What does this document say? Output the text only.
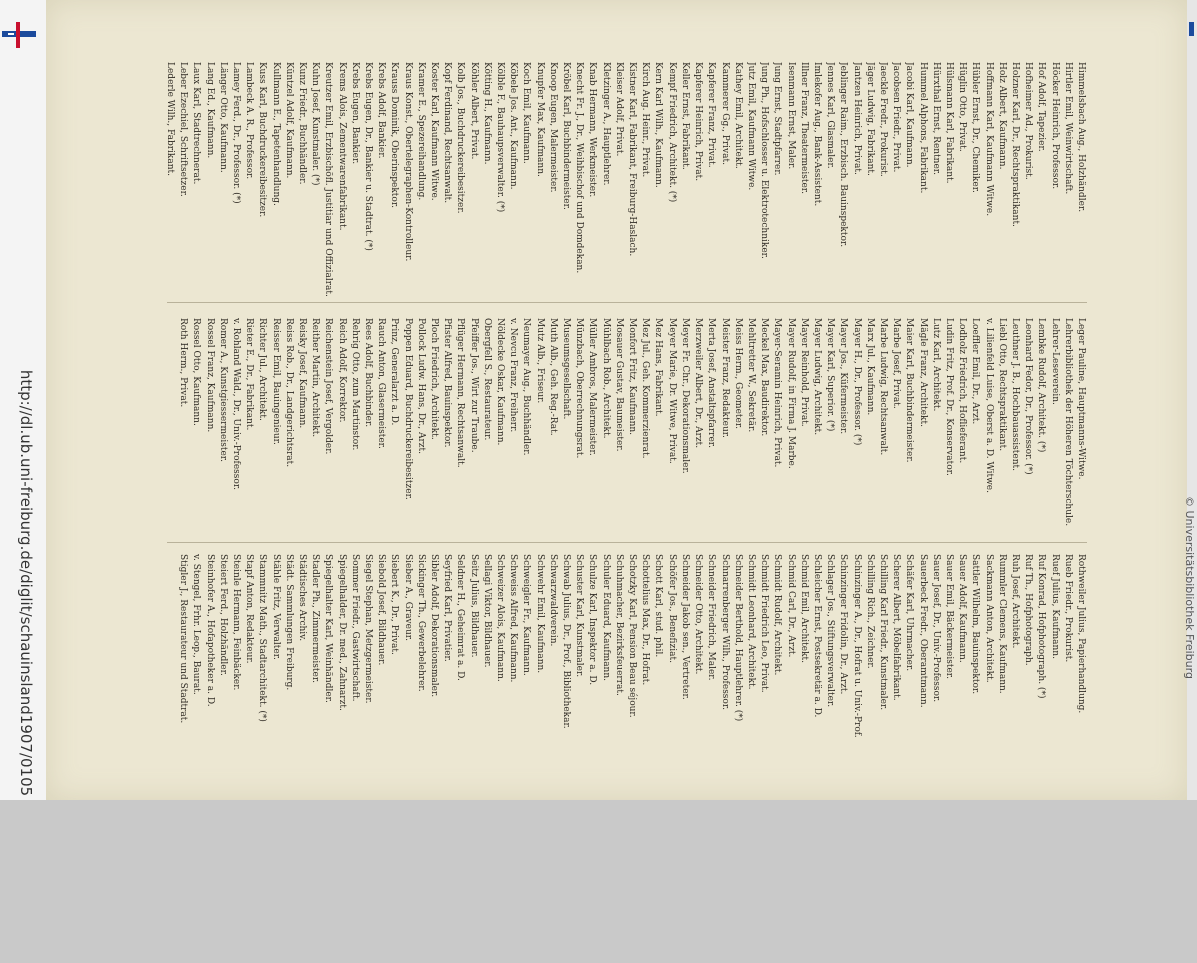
http://dl.ub.uni-freiburg.de/diglit/schauinsland1907/0105	© Universitätsbibliothek Freiburg
Himmelsbach Aug., Holzhändler.
Hirtler Emil, Weinwirtschaft.
Höcker Heinrich, Professor.
Hof Adolf, Tapezier.
Hofheimer Ad., Prokurist.
Holzner Karl, Dr., Rechtspraktikant.
Holz Albert, Kaufmann.
Hoffmann Karl, Kaufmann Witwe.
Hübler Ernst, Dr., Chemiker.
Hüglin Otto, Privat.
Hülsmann Karl, Fabrikant.
Hürxthal Ernst, Rentner.
Hummel Alphons, Fabrikant.
Jacobi Karl, Kaufmann.
Jacobsen Friedr., Privat.
Jaeckle Fredr., Prokurist.
Jäger Ludwig, Fabrikant.
Jantzen Heinrich, Privat.
Jeblinger Raim., Erzbisch. Bauinspektor.
Jennes Karl, Glasmaler.
Imlekofer Aug., Bank-Assistent.
Illner Franz, Theatermeister.
Isenmann Ernst, Maler.
Jung Ernst, Stadtpfarrer.
Jung Ph., Hofschlosser u. Elektrotechniker.
Jutz Emil, Kaufmann Witwe.
Kathey Emil, Architekt.
Kammerer Gg., Privat.
Kapferer Franz, Privat.
Kapferer Heinrich, Privat.
Keller Ernst, Fabrikant.
Kempf Friedrich, Architekt. (*)
Kern Karl Wilh., Kaufmann.
Kirch Aug. Heinr., Privat.
Kistner Karl, Fabrikant, Freiburg-Haslach.
Kleiser Adolf, Privat.
Kletzinger A., Hauptlehrer.
Knab Hermann, Werkmeister.
Knecht Fr. J., Dr., Weihbischof und Domdekan.
Kröbel Karl, Buchbindermeister.
Knoop Eugen, Malermeister.
Knupfer Max, Kaufmann.
Koch Emil, Kaufmann.
Köbele Jos. Ant., Kaufmann.
Kölble F., Bauhaupsverwalter. (*)
Kötting H., Kaufmann.
Köhler Albert, Privat.
Kolb Jos., Buchdruckereibesitzer.
Kopf Ferdinand, Rechtsanwalt.
Koster Karl, Kaufmann Witwe.
Kramer E., Spezereihandlung.
Kraus Konst., Obertelegraphen-Kontrolleur.
Krauss Dominik, Oberinspektor.
Krebs Adolf, Bankier.
Krebs Eugen, Dr., Bankier u. Stadtrat. (*)
Krebs Eugen, Bankier.
Krems Alois, Zementwarenfabrikant.
Kreutzer Emil, Erzbischöfl. Justitiar und Offizialrat.
Kuhn Josef, Kunstmaler. (*)
Kunz Friedr., Buchhändler.
Küntzel Adolf, Kaufmann.
Kullmann E., Tapetenhandlung.
Kuss Karl, Buchdruckereibesitzer.
Lambeck A. R., Professor.
Lamey Ferd., Dr., Professor. (*)
Länger Otto, Kaufmann.
Lang Ed., Kaufmann.
Laux Karl, Stadtrechnerat.
Leber Ezechiel, Schriftsetzer.
Lederle Wilh., Fabrikant.
Leger Pauline, Hauptmanns-Witwe.
Lehrerbibliothek der Höheren Töchterschule.
Lehrer-Leseverein.
Lembke Rudolf, Architekt. (*)
Leonhard Fedor, Dr., Professor. (*)
Leuthner J. B., Hochbauassistent.
Liebl Otto, Rechtspraktikant.
v. Lilienfeld Luise, Oberst a. D. Witwe.
Loeffler Emil, Dr., Arzt.
Lodholz Friedrich, Hoflieferant.
Ludin Fritz, Prof. Dr., Konservator.
Lutz Karl, Architekt.
Mägle Franz, Architekt.
Maier Karl, Buchbindermeister.
Marbe Josef, Privat.
Marbe Ludwig, Rechtsanwalt.
Marx Jul., Kaufmann.
Mayer H., Dr., Professor. (*)
Mayer Jos., Küfermeister.
Mayer Karl, Superior. (*)
Mayer Ludwig, Architekt.
Mayer Reinhold, Privat.
Mayer Rudolf, in Firma J. Marbe.
Mayer-Seramin Heinrich, Privat.
Meckel Max, Baudirektor.
Mehltretter W., Sekretär.
Meiss Herm., Geometer.
Meister Franz, Redakteur.
Merta Josef, Anstaltspfarrer.
Merzweiler Albert, Dr., Arzt.
Meyer Fr. Chr., Dekorationsmaler.
Meyer Marie, Dr. Witwe, Privat.
Mez Hans, Fabrikant.
Mez Jul., Geh. Kommerzienrat.
Monfort Fritz, Kaufmann.
Mosauer Gustav, Baumeister.
Mühlbach Rob., Architekt.
Müller Ambros, Malermeister.
Münzbach, Oberrechnungsrat.
Museumsgesellschaft.
Muth Alb., Geh. Reg.-Rat.
Mutz Alb., Friseur.
Neumayer Aug., Buchhändler.
v. Nevcu Franz, Freiherr.
Nöldecke Oskar, Kaufmann.
Obergfell S., Restaurateur.
Pfeiffer Jos., Wirt zur Traube.
Pflüger Hermann, Rechtsanwalt.
Pfister Alfred, Bauinspektor.
Ploch Friedrich, Architekt.
Pollock Ludw. Hans, Dr., Arzt.
Poppen Eduard, Buchdruckereibesitzer.
Prinz, Generalarzt a. D.
Rauch Anton, Glasermeister.
Rees Adolf, Buchbinder.
Rehrig Otto, zum Martinstor.
Reich Adolf, Korrektor.
Reichenstein Josef, Vergolder.
Reither Martin, Architekt.
Reisky Josef, Kaufmann.
Reiss Rob., Dr., Landgerichtsrat.
Reisser Emil, Bauingenieur.
Richter Jul., Architekt.
Rieter E., Dr., Fabrikant.
v. Rohland Wald., Dr., Univ.-Professor.
Romer A., Kunstgiessermeister.
Rossel Franz, Kaufmann.
Rossel Otto, Kaufmann.
Roth Herm., Privat.
Rothweiler Julius, Papierhandlung.
Rueb Friedr., Prokurist.
Ruef Julius, Kaufmann.
Ruf Konrad, Hofphotograph. (*)
Ruf Th., Hofphotograph.
Ruh Josef, Architekt.
Rummler Clemens, Kaufmann.
Sackmann Anton, Architekt.
Sattler Wilhelm, Bauinspektor.
Sauer Adolf, Kaufmann.
Sauer Emil, Bäckermeister.
Sauer Josef, Dr., Univ.-Professor.
Sauerbeck Fredr., Oberamtmann.
Schäfer Karl, Uhrmacher.
Scherer Albert, Möbelfabrikant.
Schilling Karl Friedr., Kunstmaler.
Schilling Rich., Zeichner.
Schinzinger A., Dr., Hofrat u. Univ.-Prof.
Schinzinger Fridolin, Dr., Arzt.
Schlager Jos., Stiftungsverwalter.
Schleicher Ernst, Postsekretär a. D.
Schmid Emil, Architekt.
Schmid Carl, Dr., Arzt.
Schmidt Rudolf, Architekt.
Schmidt Friedrich Leo, Privat.
Schmidt Leonhard, Architekt.
Schneider Berthold, Hauptlehrer. (*)
Schnarrenberger Wilh., Professor.
Schneider Friedrich, Maler.
Schneider Otto, Architekt.
Schneider Jakob sen., Vertreter.
Schöfer Jos., Benefiziat.
Schott Karl, stud. phil.
Schottelius Max, Dr., Hofrat.
Schotzky Karl, Pension Beau séjour.
Schuhmacher, Bezirksfeuerrat.
Schuler Eduard, Kaufmann.
Schulze Karl, Inspektor a. D.
Schuster Karl, Kunstmaler.
Schwab Julius, Dr., Prof., Bibliothekar.
Schwarzwaldverein.
Schwehr Emil, Kaufmann.
Schweigler Fr., Kaufmann.
Schweiss Alfred, Kaufmann.
Schweizer Alois, Kaufmann.
Sellagi Viktor, Bildhauer.
Seitz Julius, Bildhauer.
Seldner H., Geheimrat a. D.
Seyfried Karl, Privatier.
Sibler Adolf, Dekorationsmaler.
Sickinger Th., Gewerbelehrer.
Sieber A., Graveur.
Siebert K., Dr., Privat.
Siebold Josef, Bildhauer.
Siegel Stephan, Metzgermeister.
Sommer Friedr., Gastwirtschaft.
Spiegelhalder, Dr. med., Zahnarzt.
Spiegelhalter Karl, Weinhändler.
Stadler Ph., Zimmermeister.
Städtisches Archiv.
Städt. Sammlungen Freiburg.
Stähle Fritz, Verwalter.
Stammnitz Math., Stadtarchitekt. (*)
Stapf Anton, Redakteur.
Steinle Hermann, Feinbäcker.
Steiert Ferd., Holzhändler.
Steinhofer A., Hofapotheker a. D.
v. Stengel, Frhr. Leop., Baurat.
Stigler J., Restaurateur und Stadtrat.
